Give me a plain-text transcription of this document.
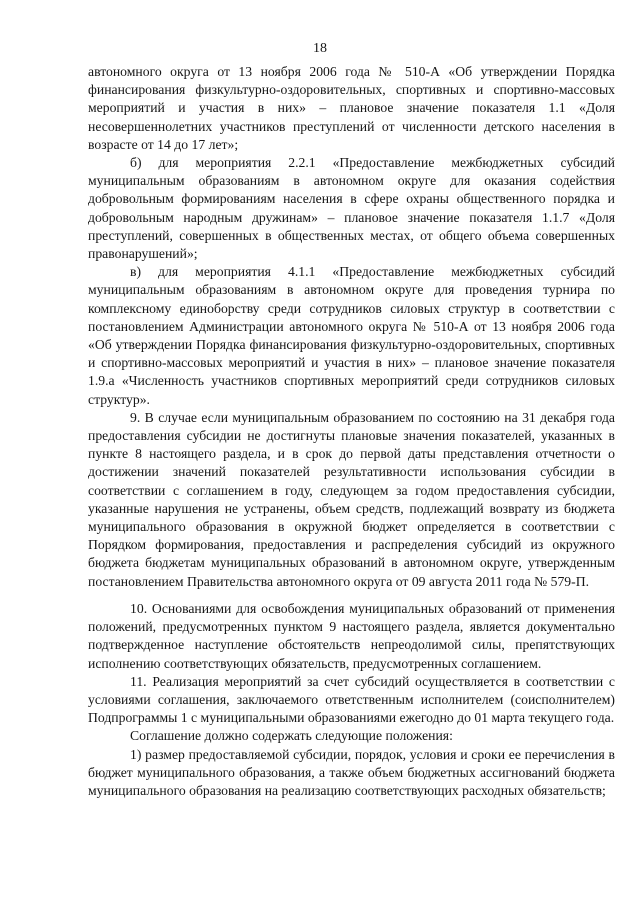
18

автономного округа от 13 ноября 2006 года № 510-А «Об утверждении Порядка финансирования физкультурно-оздоровительных, спортивных и спортивно-массовых мероприятий и участия в них» – плановое значение показателя 1.1 «Доля несовершеннолетних участников преступлений от численности детского населения в возрасте от 14 до 17 лет»;

б) для мероприятия 2.2.1 «Предоставление межбюджетных субсидий муниципальным образованиям в автономном округе для оказания содействия добровольным формированиям населения в сфере охраны общественного порядка и добровольным народным дружинам» – плановое значение показателя 1.1.7 «Доля преступлений, совершенных в общественных местах, от общего объема совершенных правонарушений»;

в) для мероприятия 4.1.1 «Предоставление межбюджетных субсидий муниципальным образованиям в автономном округе для проведения турнира по комплексному единоборству среди сотрудников силовых структур в соответствии с постановлением Администрации автономного округа № 510-А от 13 ноября 2006 года «Об утверждении Порядка финансирования физкультурно-оздоровительных, спортивных и спортивно-массовых мероприятий и участия в них» – плановое значение показателя 1.9.а «Численность участников спортивных мероприятий среди сотрудников силовых структур».

9. В случае если муниципальным образованием по состоянию на 31 декабря года предоставления субсидии не достигнуты плановые значения показателей, указанных в пункте 8 настоящего раздела, и в срок до первой даты представления отчетности о достижении значений показателей результативности использования субсидии в соответствии с соглашением в году, следующем за годом предоставления субсидии, указанные нарушения не устранены, объем средств, подлежащий возврату из бюджета муниципального образования в окружной бюджет определяется в соответствии с Порядком формирования, предоставления и распределения субсидий из окружного бюджета бюджетам муниципальных образований в автономном округе, утвержденным постановлением Правительства автономного округа от 09 августа 2011 года № 579-П.

10. Основаниями для освобождения муниципальных образований от применения положений, предусмотренных пунктом 9 настоящего раздела, является документально подтвержденное наступление обстоятельств непреодолимой силы, препятствующих исполнению соответствующих обязательств, предусмотренных соглашением.

11. Реализация мероприятий за счет субсидий осуществляется в соответствии с условиями соглашения, заключаемого ответственным исполнителем (соисполнителем) Подпрограммы 1 с муниципальными образованиями ежегодно до 01 марта текущего года.

Соглашение должно содержать следующие положения:

1) размер предоставляемой субсидии, порядок, условия и сроки ее перечисления в бюджет муниципального образования, а также объем бюджетных ассигнований бюджета муниципального образования на реализацию соответствующих расходных обязательств;
